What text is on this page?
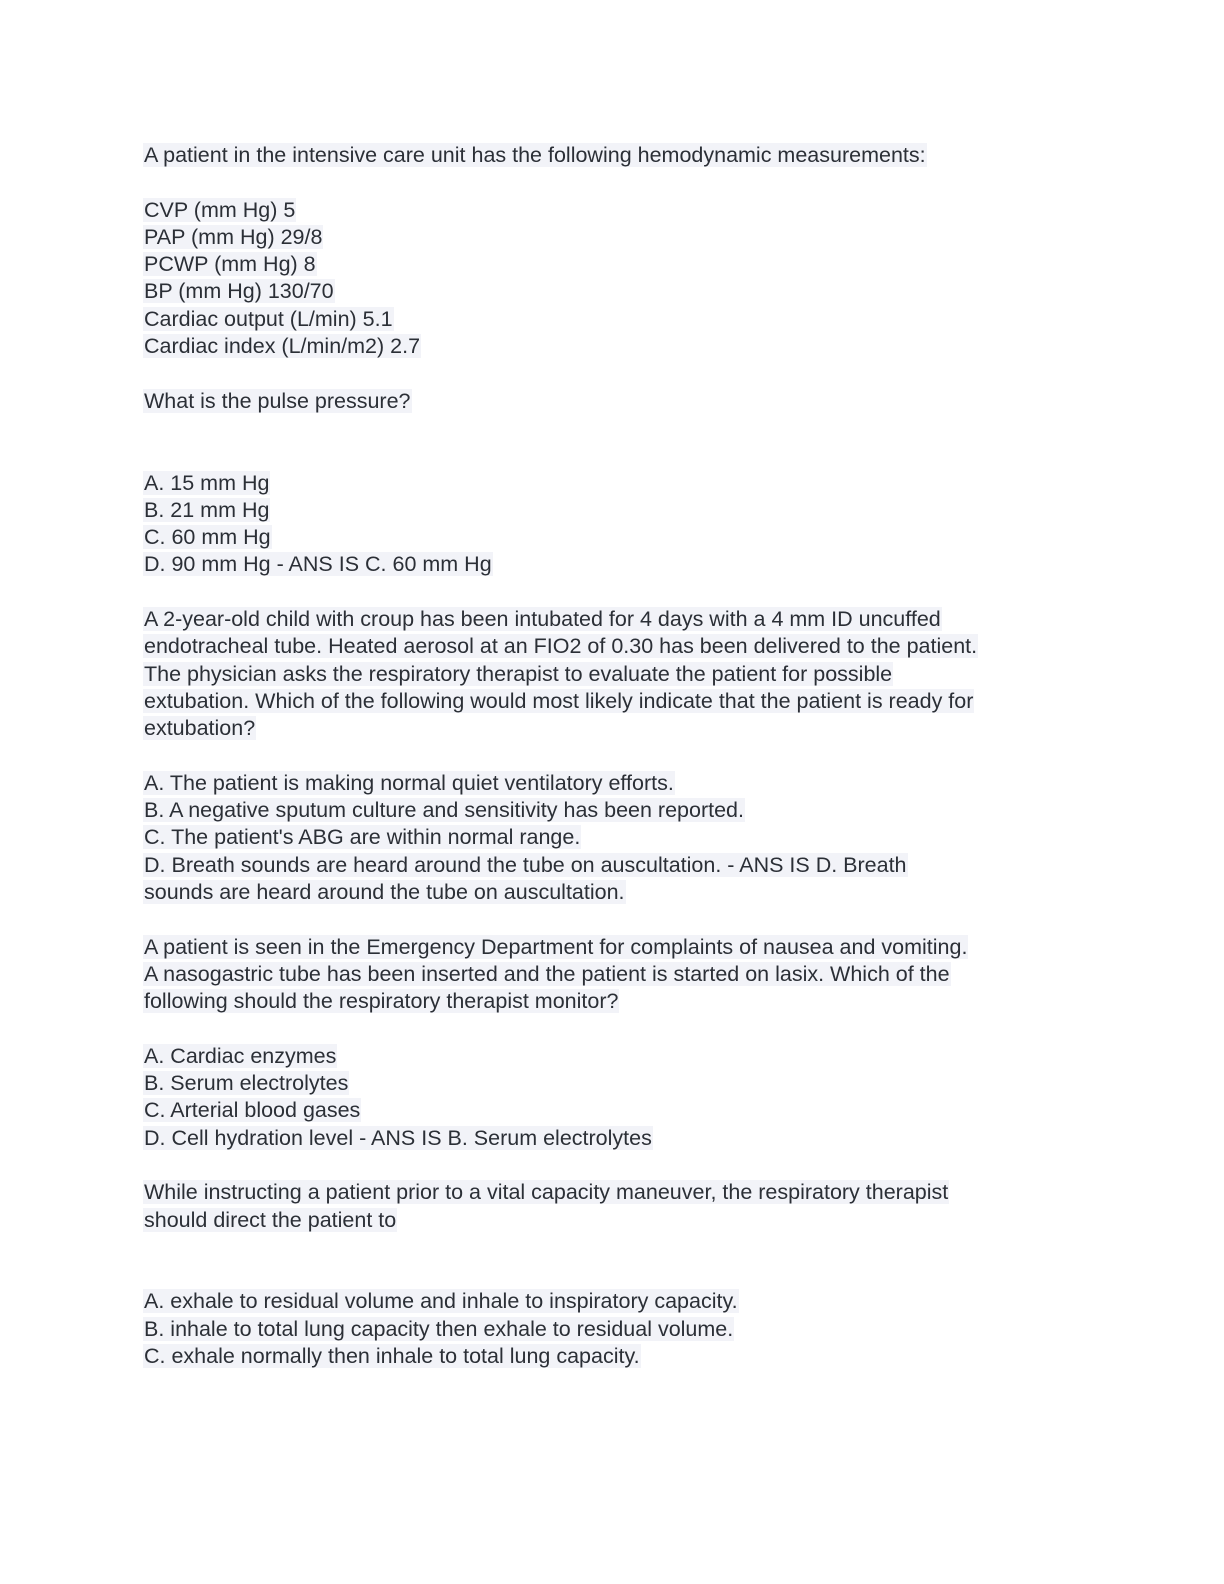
A patient in the intensive care unit has the following hemodynamic measurements:
CVP (mm Hg) 5
PAP (mm Hg) 29/8
PCWP (mm Hg) 8
BP (mm Hg) 130/70
Cardiac output (L/min) 5.1
Cardiac index (L/min/m2) 2.7
What is the pulse pressure?
A. 15 mm Hg
B. 21 mm Hg
C. 60 mm Hg
D. 90 mm Hg - ANS IS C. 60 mm Hg
A 2-year-old child with croup has been intubated for 4 days with a 4 mm ID uncuffed
endotracheal tube. Heated aerosol at an FIO2 of 0.30 has been delivered to the patient.
The physician asks the respiratory therapist to evaluate the patient for possible
extubation. Which of the following would most likely indicate that the patient is ready for
extubation?
A. The patient is making normal quiet ventilatory efforts.
B. A negative sputum culture and sensitivity has been reported.
C. The patient's ABG are within normal range.
D. Breath sounds are heard around the tube on auscultation. - ANS IS D. Breath
sounds are heard around the tube on auscultation.
A patient is seen in the Emergency Department for complaints of nausea and vomiting.
A nasogastric tube has been inserted and the patient is started on lasix. Which of the
following should the respiratory therapist monitor?
A. Cardiac enzymes
B. Serum electrolytes
C. Arterial blood gases
D. Cell hydration level - ANS IS B. Serum electrolytes
While instructing a patient prior to a vital capacity maneuver, the respiratory therapist
should direct the patient to
A. exhale to residual volume and inhale to inspiratory capacity.
B. inhale to total lung capacity then exhale to residual volume.
C. exhale normally then inhale to total lung capacity.
